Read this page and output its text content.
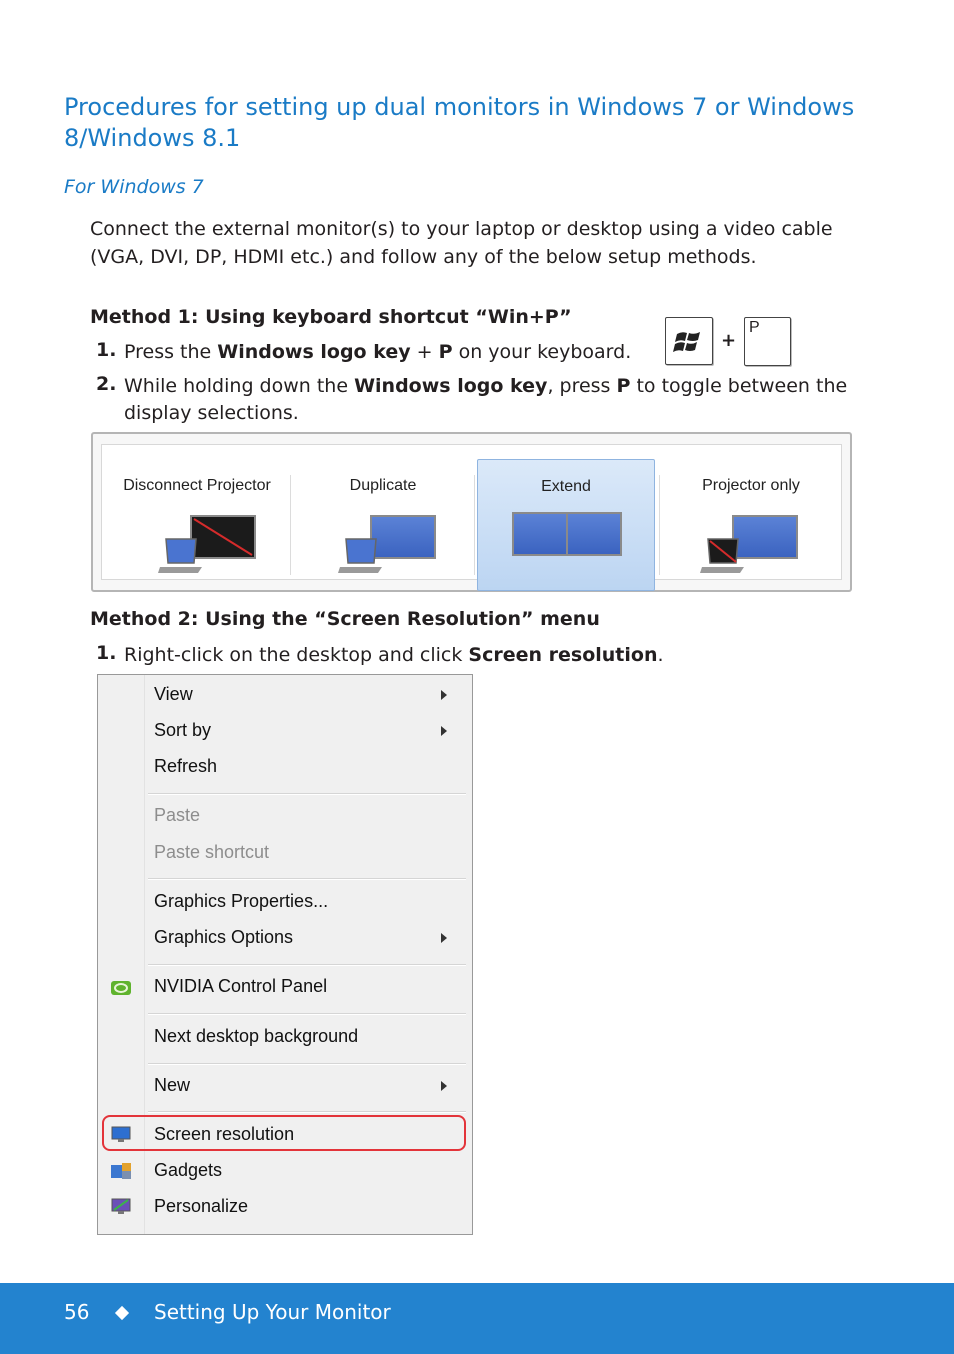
Procedures for setting up dual monitors in Windows 7 or Windows 8/Windows 8.1
For Windows 7
Connect the external monitor(s) to your laptop or desktop using a video cable (VGA, DVI, DP, HDMI etc.) and follow any of the below setup methods.
Method 1: Using keyboard shortcut “Win+P”
1. Press the Windows logo key + P on your keyboard.
+
P
2. While holding down the Windows logo key, press P to toggle between the display selections.
Disconnect Projector	Duplicate	Extend	Projector only
Method 2: Using the “Screen Resolution” menu
1. Right-click on the desktop and click Screen resolution.
View
Sort by
Refresh
Paste
Paste shortcut
Graphics Properties...
Graphics Options
NVIDIA Control Panel
Next desktop background
New
Screen resolution
Gadgets
Personalize
56	Setting Up Your Monitor
